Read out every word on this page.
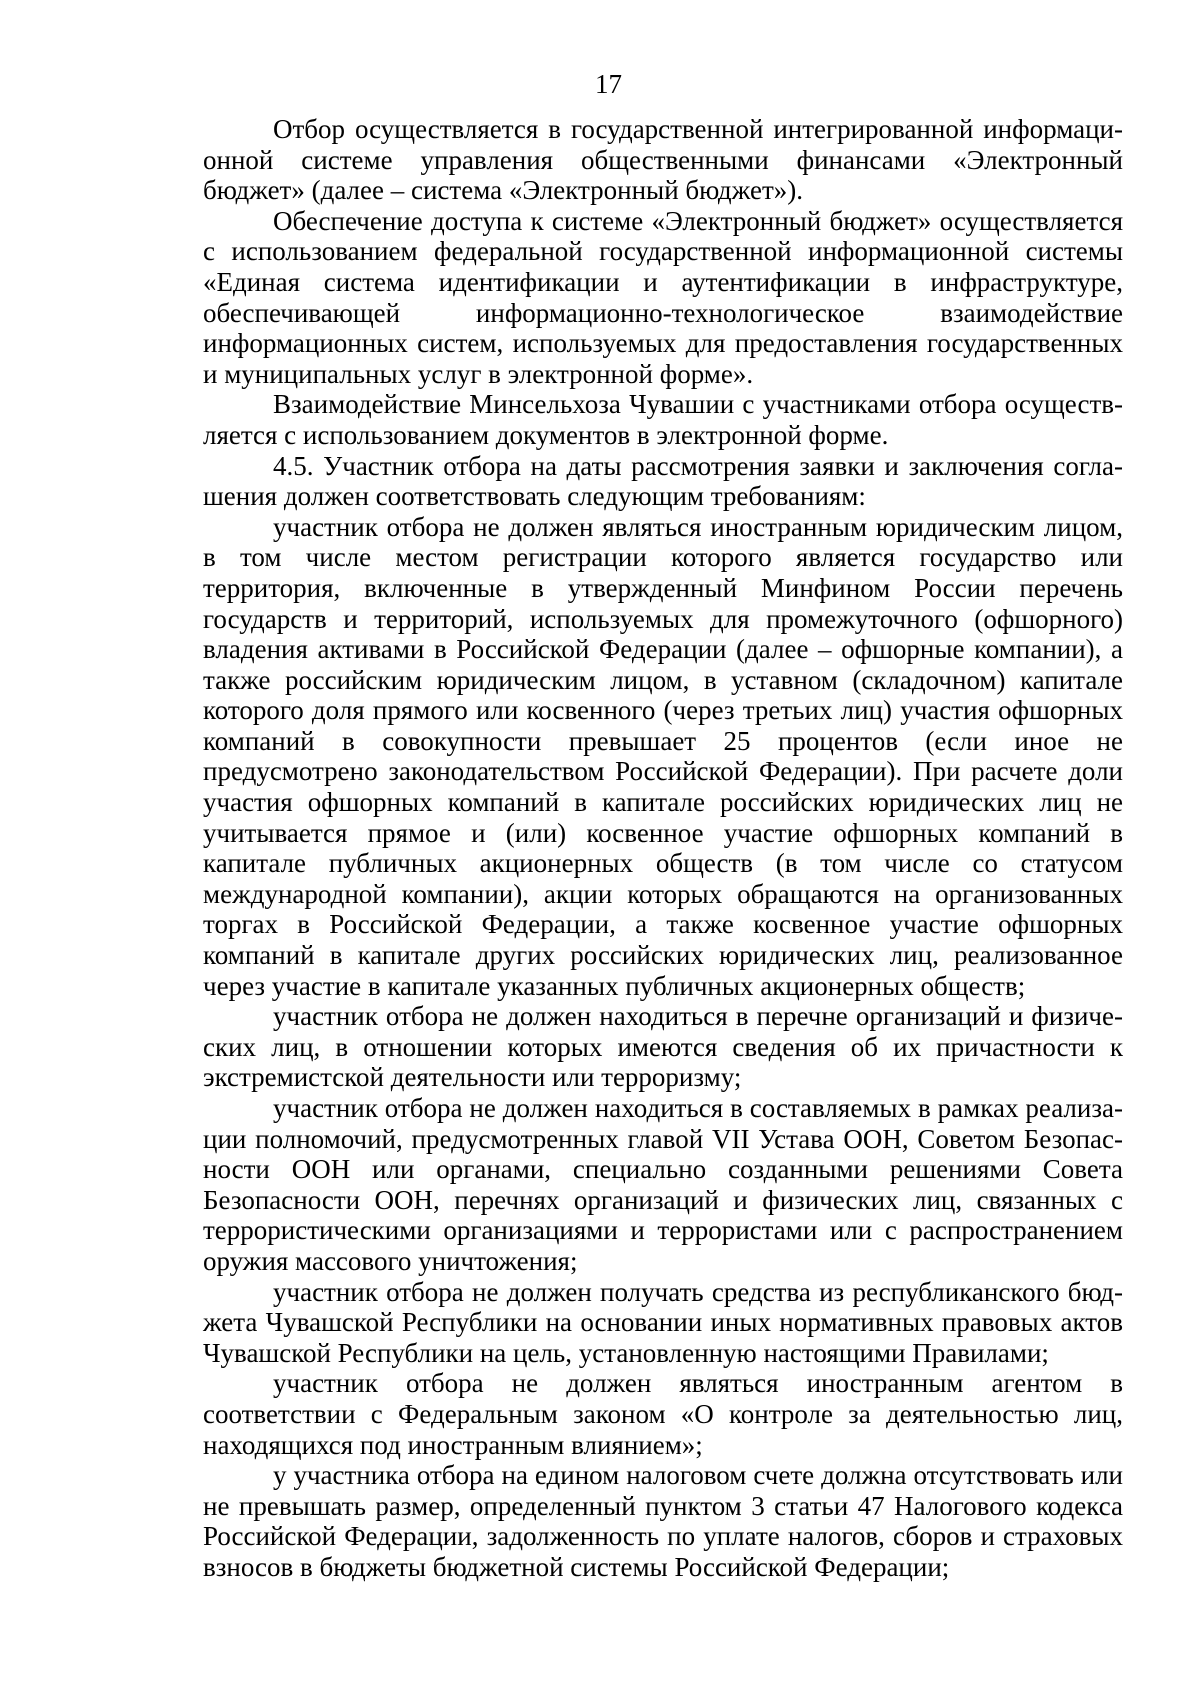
17

Отбор осуществляется в государственной интегрированной информационной системе управления общественными финансами «Электронный бюджет» (далее – система «Электронный бюджет»).

Обеспечение доступа к системе «Электронный бюджет» осуществляется с использованием федеральной государственной информационной системы «Единая система идентификации и аутентификации в инфраструктуре, обеспечивающей информационно-технологическое взаимодействие информационных систем, используемых для предоставления государственных и муниципальных услуг в электронной форме».

Взаимодействие Минсельхоза Чувашии с участниками отбора осуществляется с использованием документов в электронной форме.

4.5. Участник отбора на даты рассмотрения заявки и заключения соглашения должен соответствовать следующим требованиям:

участник отбора не должен являться иностранным юридическим лицом, в том числе местом регистрации которого является государство или территория, включенные в утвержденный Минфином России перечень государств и территорий, используемых для промежуточного (офшорного) владения активами в Российской Федерации (далее – офшорные компании), а также российским юридическим лицом, в уставном (складочном) капитале которого доля прямого или косвенного (через третьих лиц) участия офшорных компаний в совокупности превышает 25 процентов (если иное не предусмотрено законодательством Российской Федерации). При расчете доли участия офшорных компаний в капитале российских юридических лиц не учитывается прямое и (или) косвенное участие офшорных компаний в капитале публичных акционерных обществ (в том числе со статусом международной компании), акции которых обращаются на организованных торгах в Российской Федерации, а также косвенное участие офшорных компаний в капитале других российских юридических лиц, реализованное через участие в капитале указанных публичных акционерных обществ;

участник отбора не должен находиться в перечне организаций и физических лиц, в отношении которых имеются сведения об их причастности к экстремистской деятельности или терроризму;

участник отбора не должен находиться в составляемых в рамках реализации полномочий, предусмотренных главой VII Устава ООН, Советом Безопасности ООН или органами, специально созданными решениями Совета Безопасности ООН, перечнях организаций и физических лиц, связанных с террористическими организациями и террористами или с распространением оружия массового уничтожения;

участник отбора не должен получать средства из республиканского бюджета Чувашской Республики на основании иных нормативных правовых актов Чувашской Республики на цель, установленную настоящими Правилами;

участник отбора не должен являться иностранным агентом в соответствии с Федеральным законом «О контроле за деятельностью лиц, находящихся под иностранным влиянием»;

у участника отбора на едином налоговом счете должна отсутствовать или не превышать размер, определенный пунктом 3 статьи 47 Налогового кодекса Российской Федерации, задолженность по уплате налогов, сборов и страховых взносов в бюджеты бюджетной системы Российской Федерации;
